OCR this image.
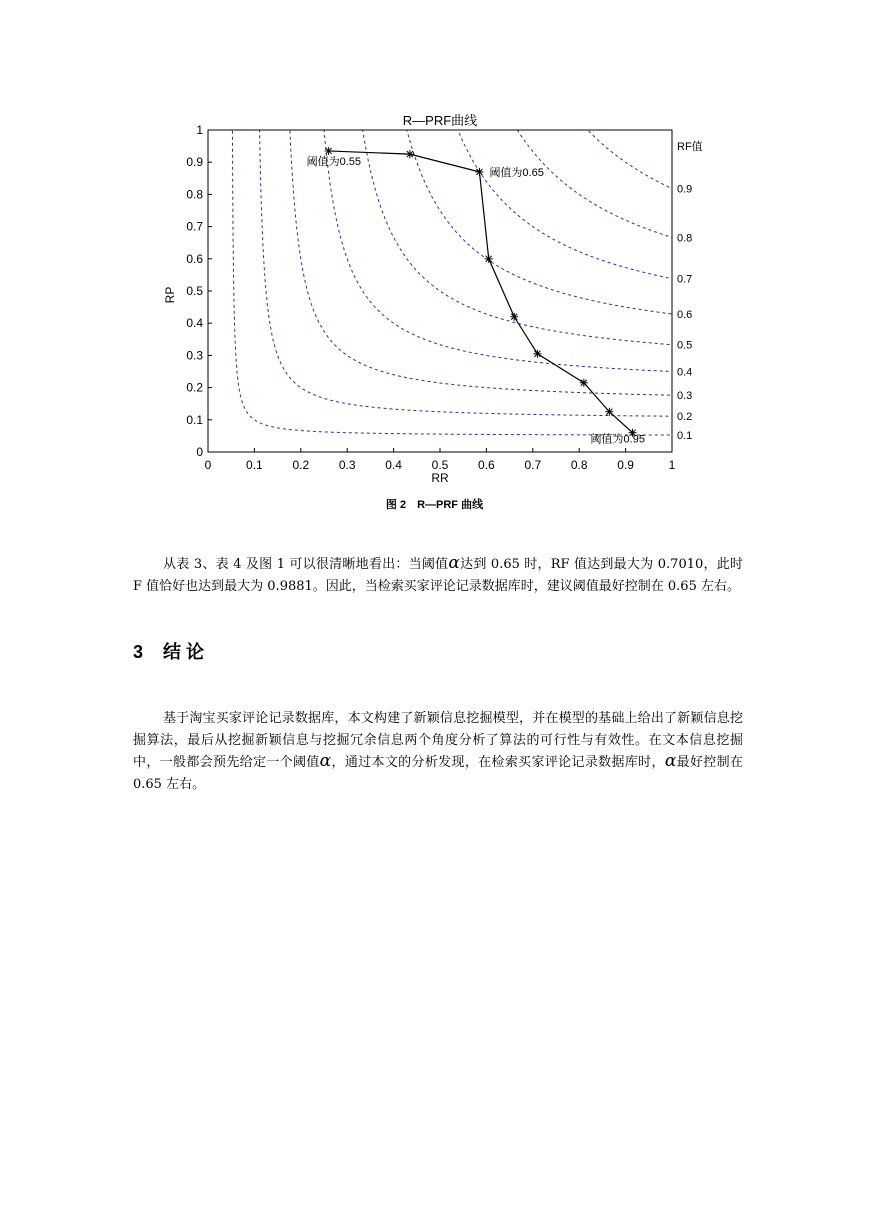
0	0.1 0.2 0.3 0.4 0.5 0.6 0.7 0.8 0.9	1
0
0.1
0.2
0.3
0.4
0.5
0.6
0.7
0.8
0.9
1
R—PRF曲线
RR
RP
RF值
0.1
0.2
0.3
0.4
0.5
0.6
0.7
0.8
0.9
阈值为0.55
阈值为0.65
阈值为0.95
图 2　R—PRF 曲线

从表 3、表 4 及图 1 可以很清晰地看出：当阈值α达到 0.65 时，RF 值达到最大为 0.7010，此时 F 值恰好也达到最大为 0.9881。因此，当检索买家评论记录数据库时，建议阈值最好控制在 0.65 左右。

3 结 论

基于淘宝买家评论记录数据库，本文构建了新颖信息挖掘模型，并在模型的基础上给出了新颖信息挖掘算法，最后从挖掘新颖信息与挖掘冗余信息两个角度分析了算法的可行性与有效性。在文本信息挖掘中，一般都会预先给定一个阈值α，通过本文的分析发现，在检索买家评论记录数据库时，α最好控制在 0.65 左右。
